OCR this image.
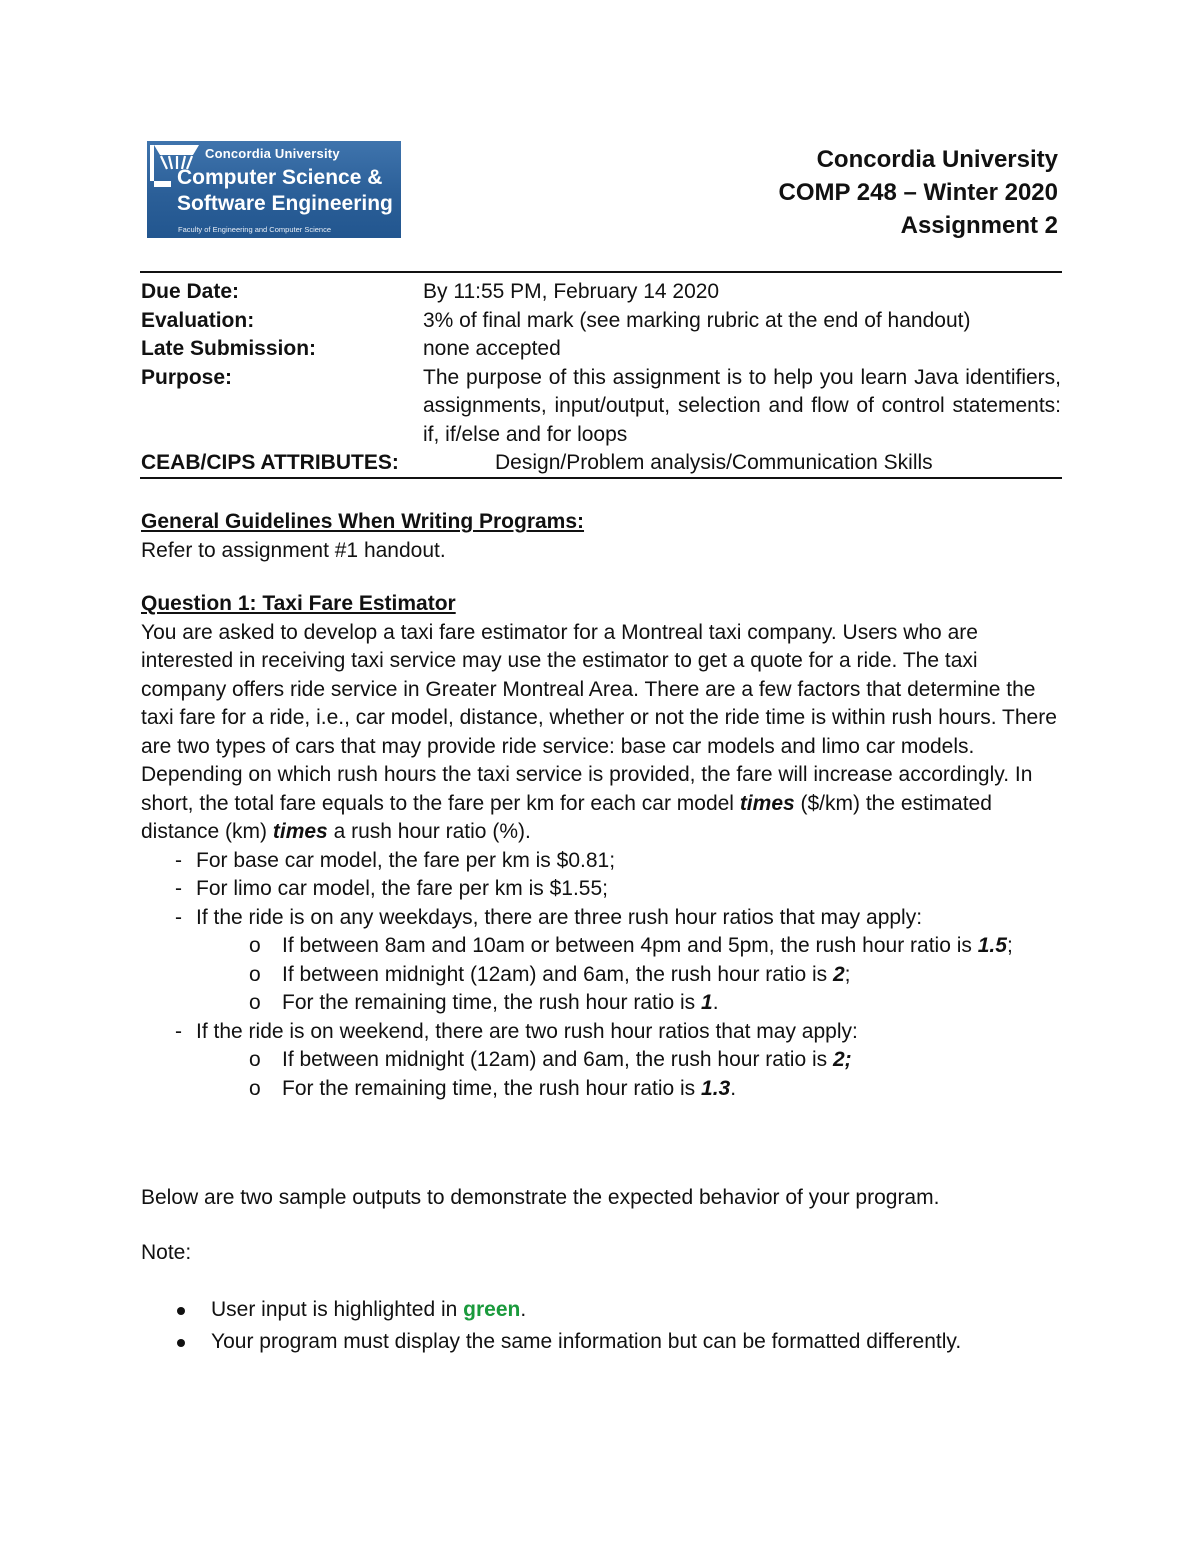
Concordia University
Computer Science &
Software Engineering
Faculty of Engineering and Computer Science
Concordia University
COMP 248 – Winter 2020
Assignment 2
Due Date:	By 11:55 PM, February 14 2020
Evaluation:	3% of final mark (see marking rubric at the end of handout)
Late Submission:	none accepted
Purpose:	The purpose of this assignment is to help you learn Java identifiers, assignments, input/output, selection and flow of control statements: if, if/else and for loops
CEAB/CIPS ATTRIBUTES:	Design/Problem analysis/Communication Skills
General Guidelines When Writing Programs:
Refer to assignment #1 handout.
Question 1: Taxi Fare Estimator

You are asked to develop a taxi fare estimator for a Montreal taxi company. Users who are interested in receiving taxi service may use the estimator to get a quote for a ride. The taxi company offers ride service in Greater Montreal Area. There are a few factors that determine the taxi fare for a ride, i.e., car model, distance, whether or not the ride time is within rush hours. There are two types of cars that may provide ride service: base car models and limo car models. Depending on which rush hours the taxi service is provided, the fare will increase accordingly. In short, the total fare equals to the fare per km for each car model times ($/km) the estimated distance (km) times a rush hour ratio (%).

- For base car model, the fare per km is $0.81;
- For limo car model, the fare per km is $1.55;
- If the ride is on any weekdays, there are three rush hour ratios that may apply:
o If between 8am and 10am or between 4pm and 5pm, the rush hour ratio is 1.5;
o If between midnight (12am) and 6am, the rush hour ratio is 2;
o For the remaining time, the rush hour ratio is 1.
- If the ride is on weekend, there are two rush hour ratios that may apply:
o If between midnight (12am) and 6am, the rush hour ratio is 2;
o For the remaining time, the rush hour ratio is 1.3.
Below are two sample outputs to demonstrate the expected behavior of your program.
Note:
User input is highlighted in green.
Your program must display the same information but can be formatted differently.
